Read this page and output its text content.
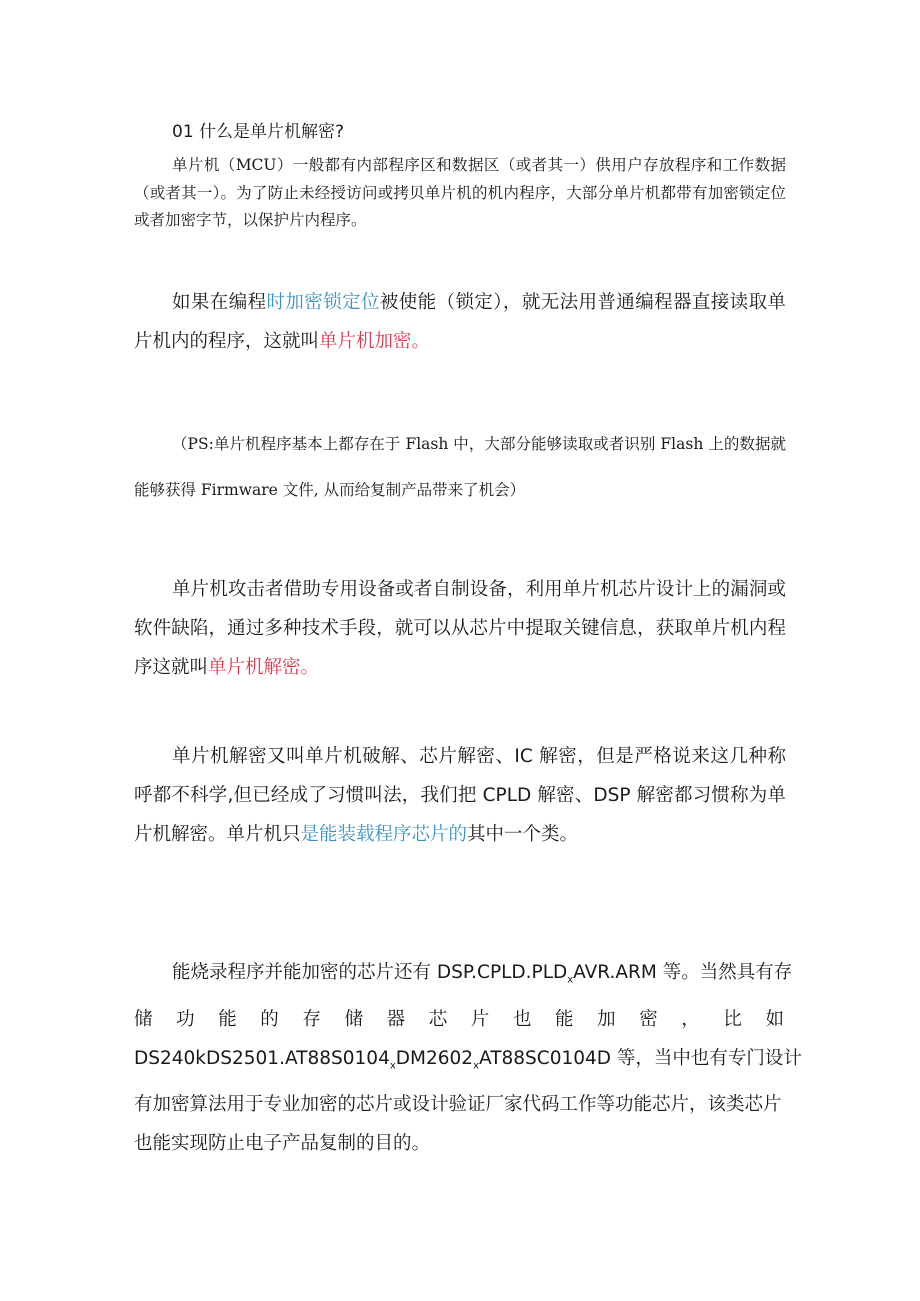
01 什么是单片机解密?

单片机（MCU）一般都有内部程序区和数据区（或者其一）供用户存放程序和工作数据（或者其一）。为了防止未经授访问或拷贝单片机的机内程序，大部分单片机都带有加密锁定位或者加密字节，以保护片内程序。

如果在编程时加密锁定位被使能（锁定），就无法用普通编程器直接读取单片机内的程序，这就叫单片机加密。

（PS:单片机程序基本上都存在于 Flash 中，大部分能够读取或者识别 Flash 上的数据就能够获得 Firmware 文件, 从而给复制产品带来了机会）

单片机攻击者借助专用设备或者自制设备，利用单片机芯片设计上的漏洞或软件缺陷，通过多种技术手段，就可以从芯片中提取关键信息，获取单片机内程序这就叫单片机解密。

单片机解密又叫单片机破解、芯片解密、IC 解密，但是严格说来这几种称呼都不科学,但已经成了习惯叫法，我们把 CPLD 解密、DSP 解密都习惯称为单片机解密。单片机只是能装载程序芯片的其中一个类。

能烧录程序并能加密的芯片还有 $DSP.CPLD.PLD_xAVR.ARM$ 等。当然具有存
储功能的存储器芯片也能加密，比如
$DS240kDS2501.AT88S0104_xDM2602_xAT88SC0104D$ 等，当中也有专门设计
有加密算法用于专业加密的芯片或设计验证厂家代码工作等功能芯片，该类芯片
也能实现防止电子产品复制的目的。
